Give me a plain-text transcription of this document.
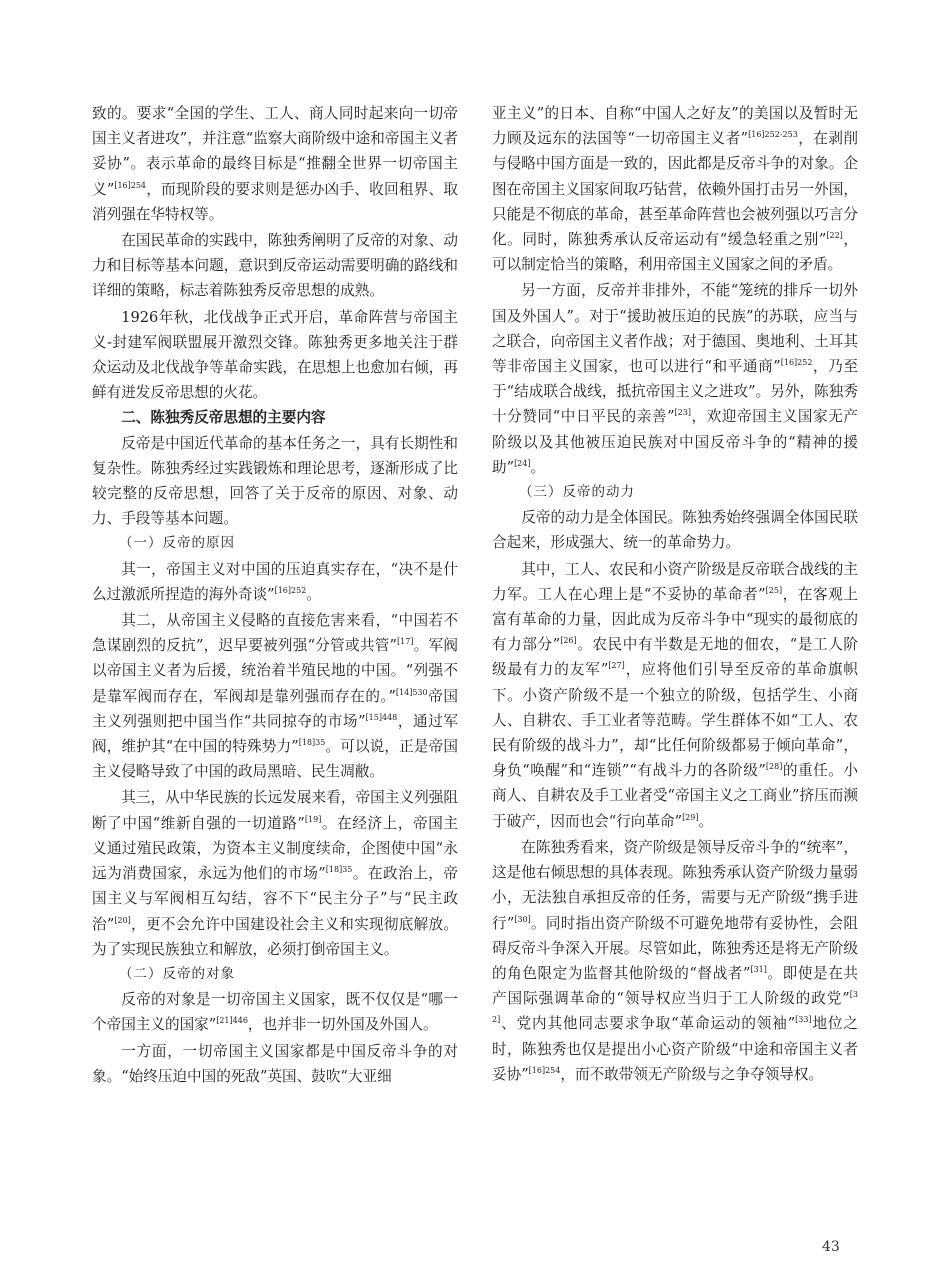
致的。要求“全国的学生、工人、商人同时起来向一切帝国主义者进攻”，并注意“监察大商阶级中途和帝国主义者妥协”。表示革命的最终目标是“推翻全世界一切帝国主义”$^{[16]254}$，而现阶段的要求则是惩办凶手、收回租界、取消列强在华特权等。

在国民革命的实践中，陈独秀阐明了反帝的对象、动力和目标等基本问题，意识到反帝运动需要明确的路线和详细的策略，标志着陈独秀反帝思想的成熟。

1926年秋，北伐战争正式开启，革命阵营与帝国主义-封建军阀联盟展开激烈交锋。陈独秀更多地关注于群众运动及北伐战争等革命实践，在思想上也愈加右倾，再鲜有迸发反帝思想的火花。

二、陈独秀反帝思想的主要内容

反帝是中国近代革命的基本任务之一，具有长期性和复杂性。陈独秀经过实践锻炼和理论思考，逐渐形成了比较完整的反帝思想，回答了关于反帝的原因、对象、动力、手段等基本问题。

（一）反帝的原因

其一，帝国主义对中国的压迫真实存在，“决不是什么过激派所捏造的海外奇谈”$^{[16]252}$。

其二，从帝国主义侵略的直接危害来看，“中国若不急谋剧烈的反抗”，迟早要被列强“分管或共管”[17]。军阀以帝国主义者为后援，统治着半殖民地的中国。“列强不是靠军阀而存在，军阀却是靠列强而存在的。”$^{[14]530}$帝国主义列强则把中国当作“共同掠夺的市场”$^{[15]448}$，通过军阀，维护其“在中国的特殊势力”$^{[18]35}$。可以说，正是帝国主义侵略导致了中国的政局黑暗、民生凋敝。

其三，从中华民族的长远发展来看，帝国主义列强阻断了中国“维新自强的一切道路”[19]。在经济上，帝国主义通过殖民政策，为资本主义制度续命，企图使中国“永远为消费国家，永远为他们的市场”$^{[18]35}$。在政治上，帝国主义与军阀相互勾结，容不下“民主分子”与“民主政治”[20]，更不会允许中国建设社会主义和实现彻底解放。为了实现民族独立和解放，必须打倒帝国主义。

（二）反帝的对象

反帝的对象是一切帝国主义国家，既不仅仅是“哪一个帝国主义的国家”$^{[21]446}$，也并非一切外国及外国人。

一方面，一切帝国主义国家都是中国反帝斗争的对象。“始终压迫中国的死敌”英国、鼓吹“大亚细

亚主义”的日本、自称“中国人之好友”的美国以及暂时无力顾及远东的法国等“一切帝国主义者”$^{[16]252-253}$，在剥削与侵略中国方面是一致的，因此都是反帝斗争的对象。企图在帝国主义国家间取巧钻营，依赖外国打击另一外国，只能是不彻底的革命，甚至革命阵营也会被列强以巧言分化。同时，陈独秀承认反帝运动有“缓急轻重之别”[22]，可以制定恰当的策略，利用帝国主义国家之间的矛盾。

另一方面，反帝并非排外，不能“笼统的排斥一切外国及外国人”。对于“援助被压迫的民族”的苏联，应当与之联合，向帝国主义者作战；对于德国、奥地利、土耳其等非帝国主义国家，也可以进行“和平通商”$^{[16]252}$，乃至于“结成联合战线，抵抗帝国主义之进攻”。另外，陈独秀十分赞同“中日平民的亲善”[23]，欢迎帝国主义国家无产阶级以及其他被压迫民族对中国反帝斗争的“精神的援助”[24]。

（三）反帝的动力

反帝的动力是全体国民。陈独秀始终强调全体国民联合起来，形成强大、统一的革命势力。

其中，工人、农民和小资产阶级是反帝联合战线的主力军。工人在心理上是“不妥协的革命者”[25]，在客观上富有革命的力量，因此成为反帝斗争中“现实的最彻底的有力部分”[26]。农民中有半数是无地的佃农，“是工人阶级最有力的友军”[27]，应将他们引导至反帝的革命旗帜下。小资产阶级不是一个独立的阶级，包括学生、小商人、自耕农、手工业者等范畴。学生群体不如“工人、农民有阶级的战斗力”，却“比任何阶级都易于倾向革命”，身负“唤醒”和“连锁”“有战斗力的各阶级”[28]的重任。小商人、自耕农及手工业者受“帝国主义之工商业”挤压而濒于破产，因而也会“行向革命”[29]。

在陈独秀看来，资产阶级是领导反帝斗争的“统率”，这是他右倾思想的具体表现。陈独秀承认资产阶级力量弱小，无法独自承担反帝的任务，需要与无产阶级“携手进行”[30]。同时指出资产阶级不可避免地带有妥协性，会阻碍反帝斗争深入开展。尽管如此，陈独秀还是将无产阶级的角色限定为监督其他阶级的“督战者”[31]。即使是在共产国际强调革命的“领导权应当归于工人阶级的政党”[32]、党内其他同志要求争取“革命运动的领袖”[33]地位之时，陈独秀也仅是提出小心资产阶级“中途和帝国主义者妥协”$^{[16]254}$，而不敢带领无产阶级与之争夺领导权。

43
